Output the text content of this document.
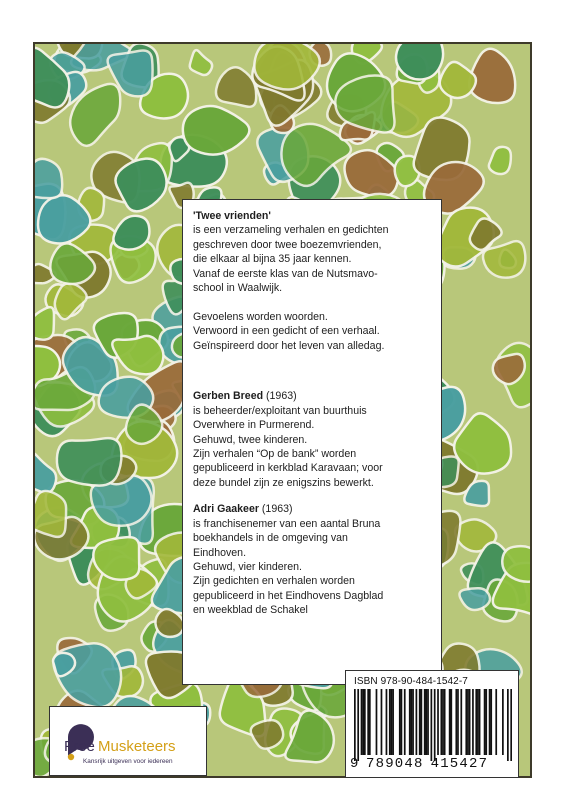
'Twee vrienden'

is een verzameling verhalen en gedichten

geschreven door twee boezemvrienden,

die elkaar al bijna 35 jaar kennen.

Vanaf de eerste klas van de Nutsmavo-

school in Waalwijk.

Gevoelens worden woorden.

Verwoord in een gedicht of een verhaal.

Geïnspireerd door het leven van alledag.

Gerben Breed (1963)

is beheerder/exploitant van buurthuis

Overwhere in Purmerend.

Gehuwd, twee kinderen.

Zijn verhalen “Op de bank” worden

gepubliceerd in kerkblad Karavaan; voor

deze bundel zijn ze enigszins bewerkt.

Adri Gaakeer (1963)

is franchisenemer van een aantal Bruna

boekhandels in de omgeving van

Eindhoven.

Gehuwd, vier kinderen.

Zijn gedichten en verhalen worden

gepubliceerd in het Eindhovens Dagblad

en weekblad de Schakel

Free Musketeers
Kansrijk uitgeven voor iedereen
ISBN 978-90-484-1542-7
9 789048 415427
